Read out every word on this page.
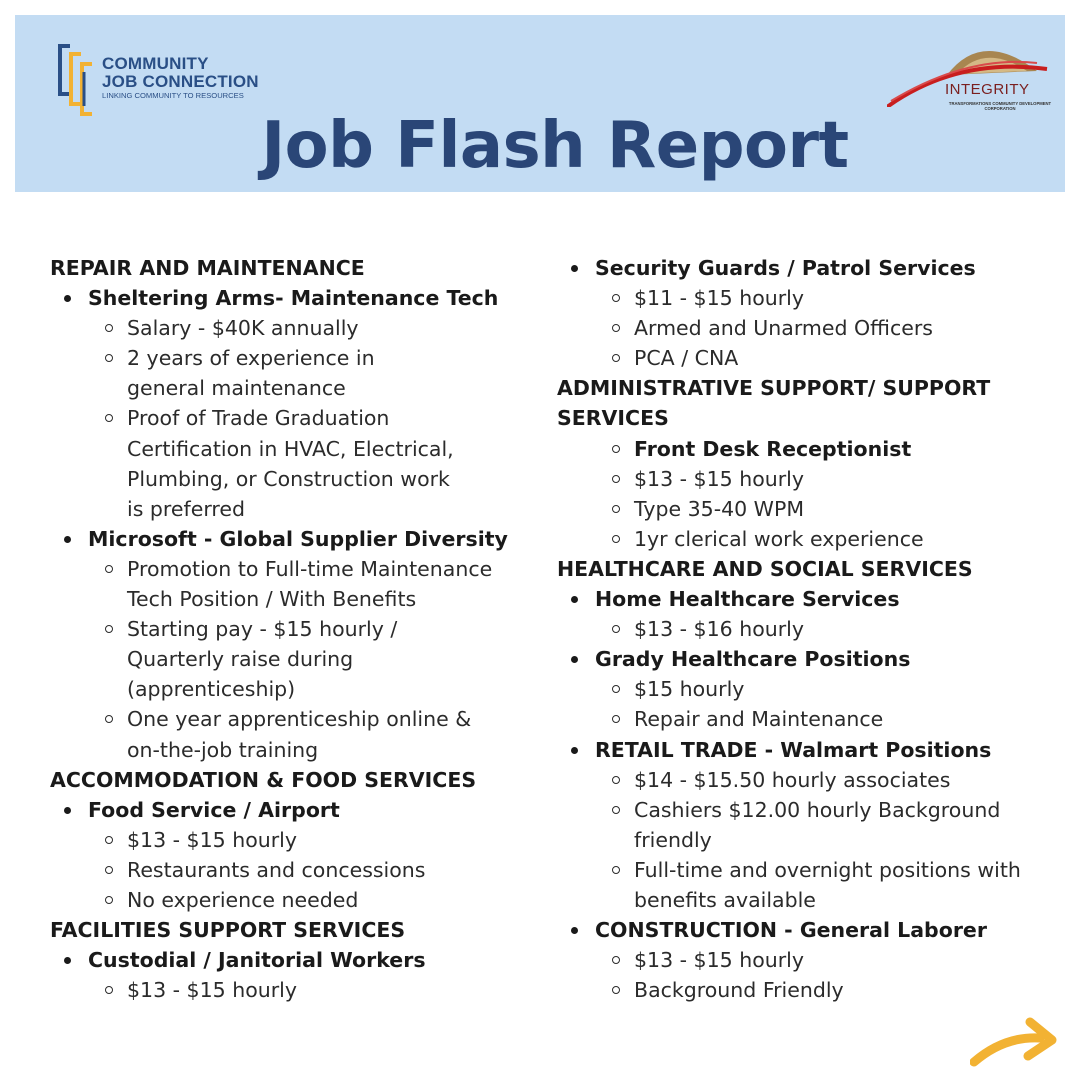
COMMUNITY
JOB CONNECTION
LINKING COMMUNITY TO RESOURCES	INTEGRITY
TRANSFORMATIONS COMMUNITY DEVELOPMENT CORPORATION
Job Flash Report
REPAIR AND MAINTENANCE
Sheltering Arms- Maintenance Tech
Salary - $40K annually
2 years of experience in general maintenance
Proof of Trade Graduation Certification in HVAC, Electrical, Plumbing, or Construction work is preferred
Microsoft - Global Supplier Diversity
Promotion to Full-time Maintenance Tech Position / With Benefits
Starting pay - $15 hourly / Quarterly raise during (apprenticeship)
One year apprenticeship online & on-the-job training
ACCOMMODATION & FOOD SERVICES
Food Service / Airport
$13 - $15 hourly
Restaurants and concessions
No experience needed
FACILITIES SUPPORT SERVICES
Custodial / Janitorial Workers
$13 - $15 hourly
Security Guards / Patrol Services
$11 - $15 hourly
Armed and Unarmed Officers
PCA / CNA
ADMINISTRATIVE SUPPORT/ SUPPORT SERVICES
Front Desk Receptionist
$13 - $15 hourly
Type 35-40 WPM
1yr clerical work experience
HEALTHCARE AND SOCIAL SERVICES
Home Healthcare Services
$13 - $16 hourly
Grady Healthcare Positions
$15 hourly
Repair and Maintenance
RETAIL TRADE - Walmart Positions
$14 - $15.50 hourly associates
Cashiers $12.00 hourly Background friendly
Full-time and overnight positions with benefits available
CONSTRUCTION - General Laborer
$13 - $15 hourly
Background Friendly
